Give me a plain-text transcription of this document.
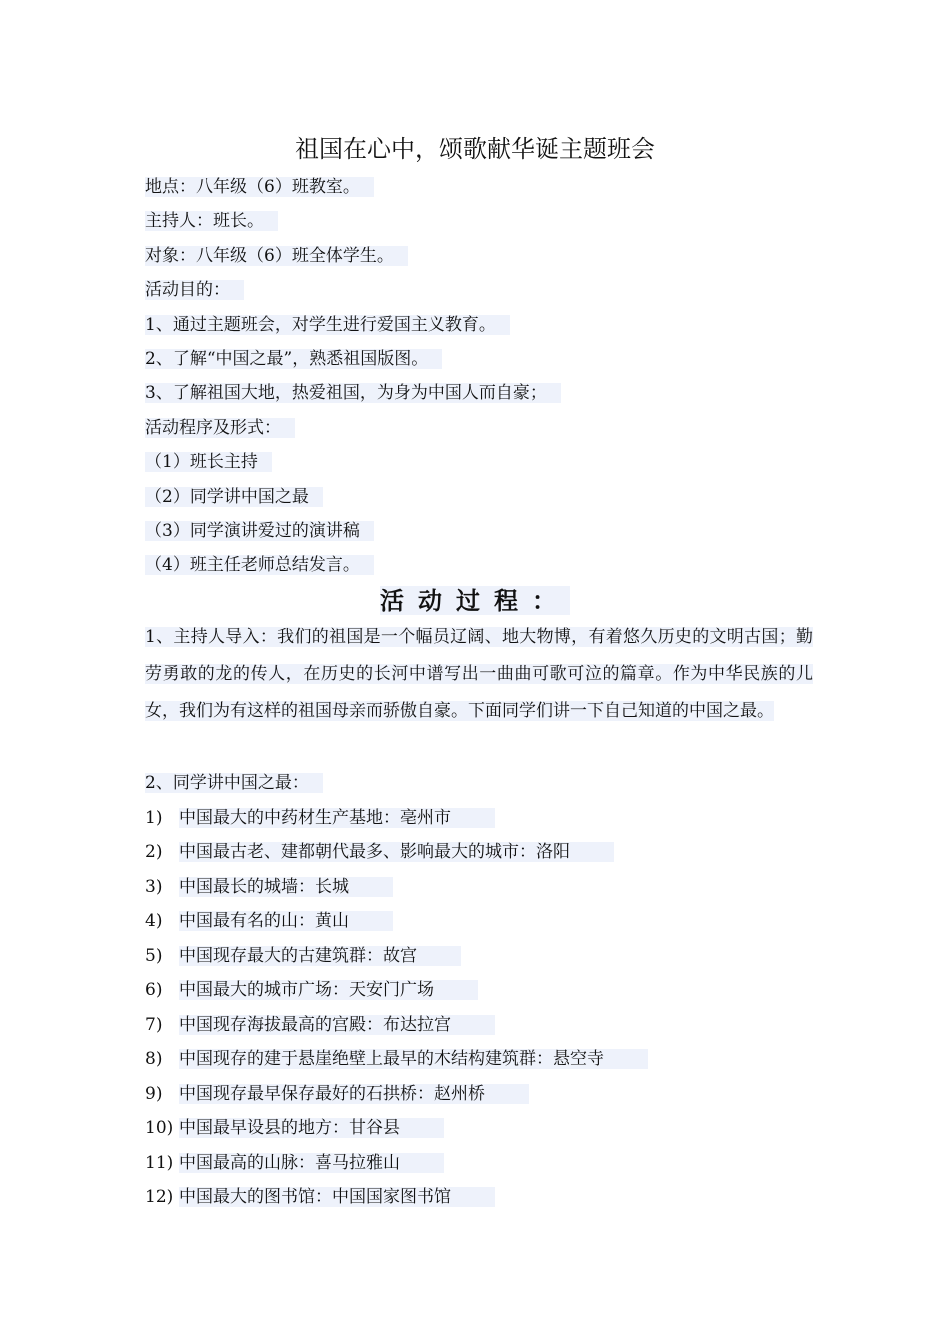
祖国在心中，颂歌献华诞主题班会
地点：八年级（6）班教室。
主持人：班长。
对象：八年级（6）班全体学生。
活动目的：
1、通过主题班会，对学生进行爱国主义教育。
2、了解“中国之最”，熟悉祖国版图。
3、了解祖国大地，热爱祖国，为身为中国人而自豪；
活动程序及形式：
（1）班长主持
（2）同学讲中国之最
（3）同学演讲爱过的演讲稿
（4）班主任老师总结发言。
活动过程：
1、主持人导入：我们的祖国是一个幅员辽阔、地大物博，有着悠久历史的文明古国；勤劳勇敢的龙的传人，在历史的长河中谱写出一曲曲可歌可泣的篇章。作为中华民族的儿女，我们为有这样的祖国母亲而骄傲自豪。下面同学们讲一下自己知道的中国之最。
2、同学讲中国之最：
1) 中国最大的中药材生产基地：亳州市
2) 中国最古老、建都朝代最多、影响最大的城市：洛阳
3) 中国最长的城墙：长城
4) 中国最有名的山：黄山
5) 中国现存最大的古建筑群：故宫
6) 中国最大的城市广场：天安门广场
7) 中国现存海拔最高的宫殿：布达拉宫
8) 中国现存的建于悬崖绝壁上最早的木结构建筑群：悬空寺
9) 中国现存最早保存最好的石拱桥：赵州桥
10) 中国最早设县的地方：甘谷县
11) 中国最高的山脉：喜马拉雅山
12) 中国最大的图书馆：中国国家图书馆
